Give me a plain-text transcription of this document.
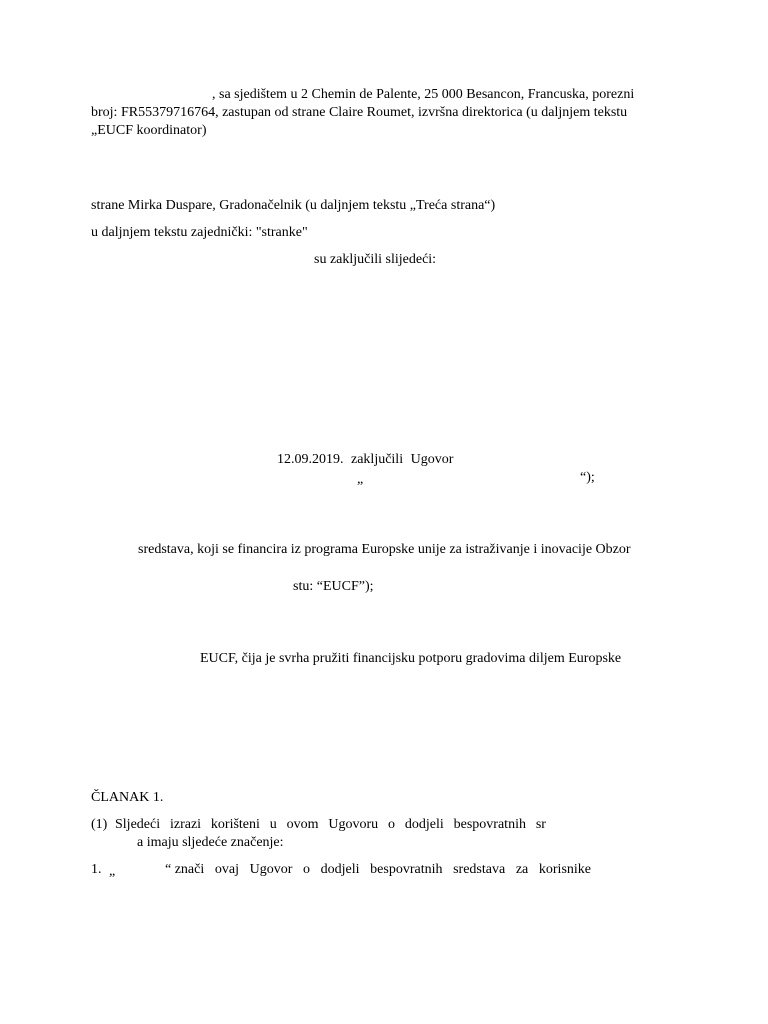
, sa sjedištem u 2 Chemin de Palente, 25 000 Besancon, Francuska, porezni
broj: FR55379716764, zastupan od strane Claire Roumet, izvršna direktorica (u daljnjem tekstu
„EUCF koordinator)
strane Mirka Duspare, Gradonačelnik (u daljnjem tekstu „Treća strana“)
u daljnjem tekstu zajednički: "stranke"
su zaključili slijedeći:
12.09.2019. zaključili Ugovor
„	“);
sredstava, koji se financira iz programa Europske unije za istraživanje i inovacije Obzor
stu: “EUCF”);
EUCF, čija je svrha pružiti financijsku potporu gradovima diljem Europske
ČLANAK 1.
(1) Sljedeći izrazi korišteni u ovom Ugovoru o dodjeli bespovratnih sr
a imaju sljedeće značenje:
1. „	“ znači ovaj Ugovor o dodjeli bespovratnih sredstava za korisnike
